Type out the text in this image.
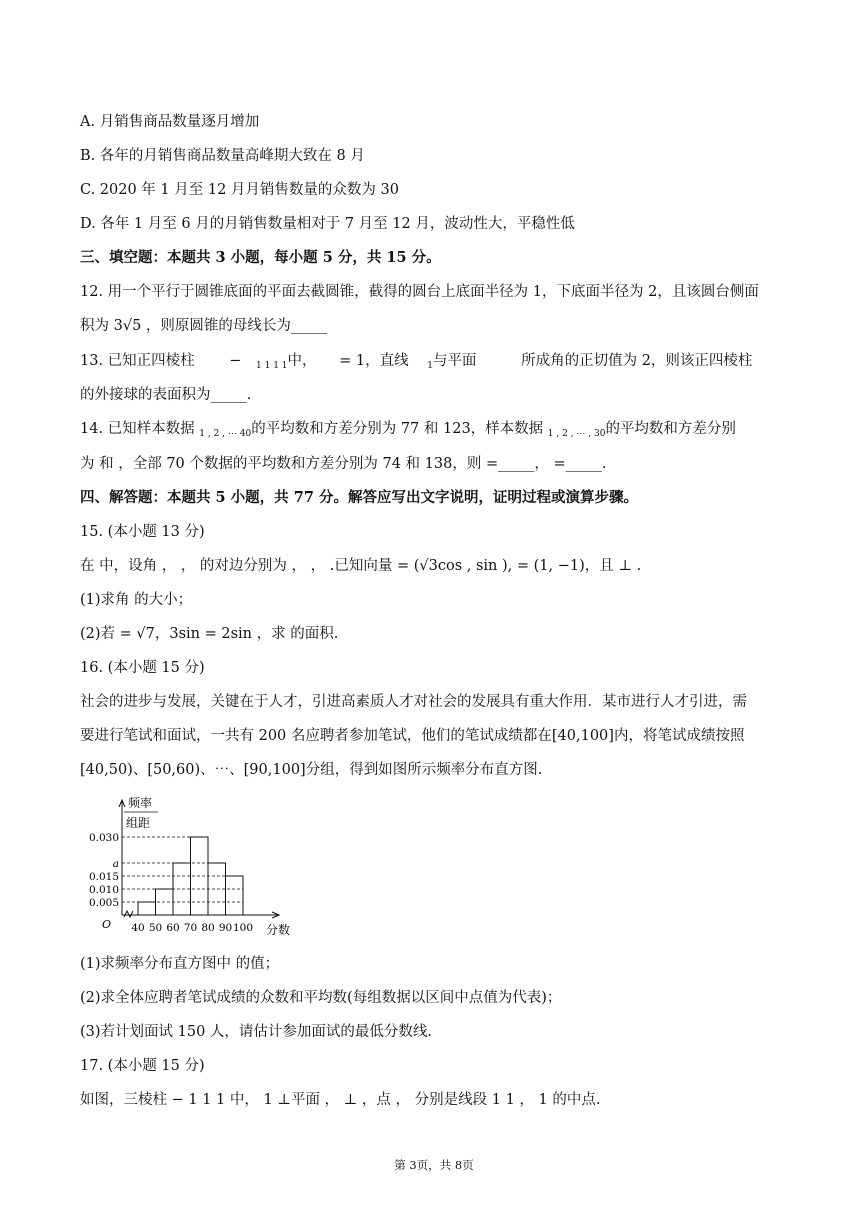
A. 月销售商品数量逐月增加
B. 各年的月销售商品数量高峰期大致在 8 月
C. 2020 年 1 月至 12 月月销售数量的众数为 30
D. 各年 1 月至 6 月的月销售数量相对于 7 月至 12 月，波动性大，平稳性低
三、填空题：本题共 3 小题，每小题 5 分，共 15 分。
12. 用一个平行于圆锥底面的平面去截圆锥，截得的圆台上底面半径为 1，下底面半径为 2，且该圆台侧面
积为 3√5 ，则原圆锥的母线长为_____
13. 已知正四棱柱 − $_{1 1 1 1}$中， = 1，直线 $_1$与平面	所成角的正切值为 2，则该正四棱柱
的外接球的表面积为_____.
14. 已知样本数据 $_{1 , 2 , \cdots 40}$的平均数和方差分别为 77 和 123，样本数据 $_{1 , 2 , \cdots , 30}$的平均数和方差分别
为 和 ，全部 70 个数据的平均数和方差分别为 74 和 138，则 =_____， =_____.
四、解答题：本题共 5 小题，共 77 分。解答应写出文字说明，证明过程或演算步骤。
15. (本小题 13 分)
在 中，设角 ， ， 的对边分别为 ， ， .已知向量 = (√3cos , sin ), = (1, −1)，且 ⊥ .
(1)求角 的大小；
(2)若 = √7，3sin = 2sin ，求 的面积.
16. (本小题 15 分)
社会的进步与发展，关键在于人才，引进高素质人才对社会的发展具有重大作用．某市进行人才引进，需
要进行笔试和面试，一共有 200 名应聘者参加笔试，他们的笔试成绩都在[40,100]内，将笔试成绩按照
[40,50)、[50,60)、⋯、[90,100]分组，得到如图所示频率分布直方图.
0.030
a
0.015
0.010
0.005
40 50 60 70 80 90 100
频率
组距
分数
O
(1)求频率分布直方图中 的值；
(2)求全体应聘者笔试成绩的众数和平均数(每组数据以区间中点值为代表)；
(3)若计划面试 150 人，请估计参加面试的最低分数线.
17. (本小题 15 分)
如图，三棱柱 − 1 1 1 中， 1 ⊥平面 ， ⊥ ，点 ， 分别是线段 1 1 ， 1 的中点.
第 3页，共 8页
